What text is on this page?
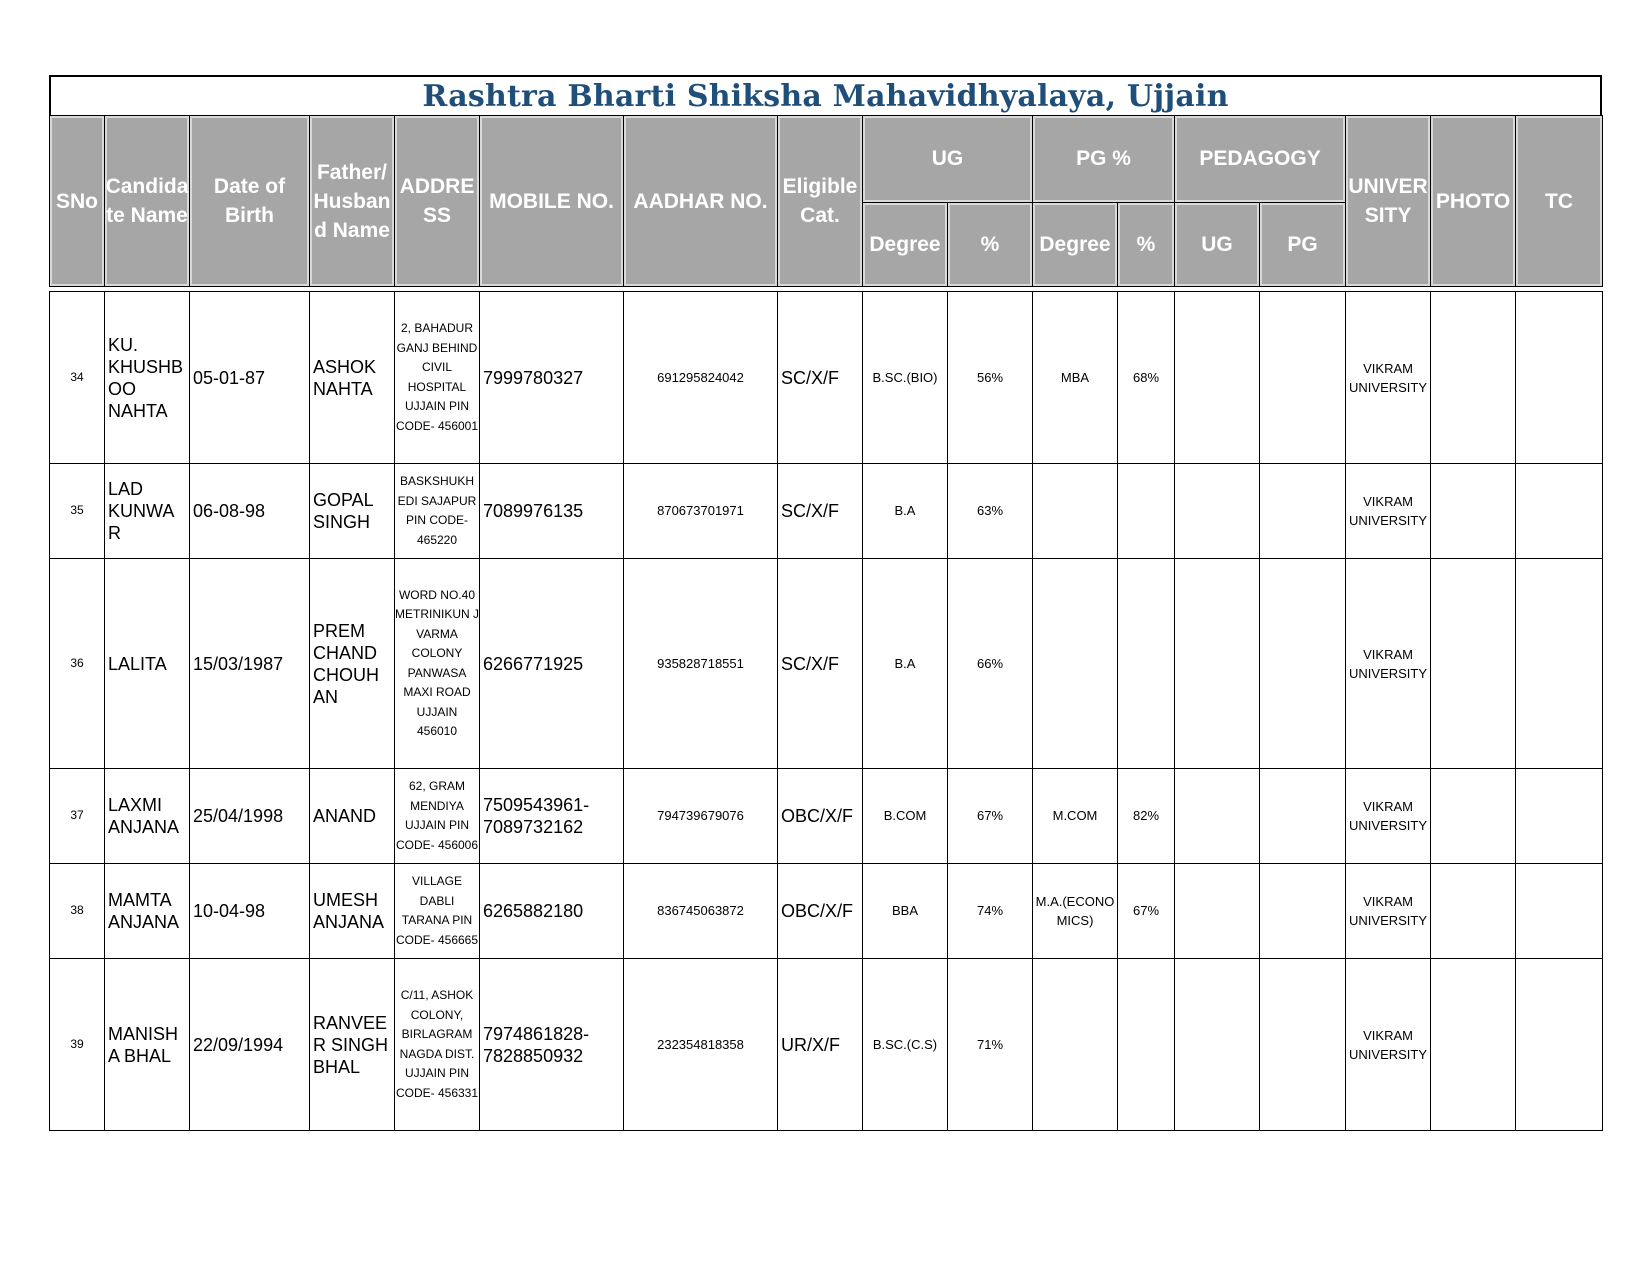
Rashtra Bharti Shiksha Mahavidhyalaya, Ujjain
SNo	Candida te Name	Date of Birth	Father/ Husban d Name	ADDRE SS	MOBILE NO.	AADHAR NO.	Eligible Cat.	UG		PG %		PEDAGOGY		UNIVER SITY	PHOTO	TC
								Degree	%	Degree	%	UG	PG			

34	KU. KHUSHB OO NAHTA	05-01-87	ASHOK NAHTA	2, BAHADUR GANJ BEHIND CIVIL HOSPITAL UJJAIN PIN CODE- 456001	7999780327	691295824042	SC/X/F	B.SC.(BIO)	56%	MBA	68%			VIKRAM UNIVERSITY		
35	LAD KUNWA R	06-08-98	GOPAL SINGH	BASKSHUKH EDI SAJAPUR PIN CODE- 465220	7089976135	870673701971	SC/X/F	B.A	63%					VIKRAM UNIVERSITY		
36	LALITA	15/03/1987	PREM CHAND CHOUH AN	WORD NO.40 METRINIKUN J VARMA COLONY PANWASA MAXI ROAD UJJAIN 456010	6266771925	935828718551	SC/X/F	B.A	66%					VIKRAM UNIVERSITY		
37	LAXMI ANJANA	25/04/1998	ANAND	62, GRAM MENDIYA UJJAIN PIN CODE- 456006	7509543961- 7089732162	794739679076	OBC/X/F	B.COM	67%	M.COM	82%			VIKRAM UNIVERSITY		
38	MAMTA ANJANA	10-04-98	UMESH ANJANA	VILLAGE DABLI TARANA PIN CODE- 456665	6265882180	836745063872	OBC/X/F	BBA	74%	M.A.(ECONO MICS)	67%			VIKRAM UNIVERSITY		
39	MANISH A BHAL	22/09/1994	RANVEE R SINGH BHAL	C/11, ASHOK COLONY, BIRLAGRAM NAGDA DIST. UJJAIN PIN CODE- 456331	7974861828- 7828850932	232354818358	UR/X/F	B.SC.(C.S)	71%					VIKRAM UNIVERSITY		
